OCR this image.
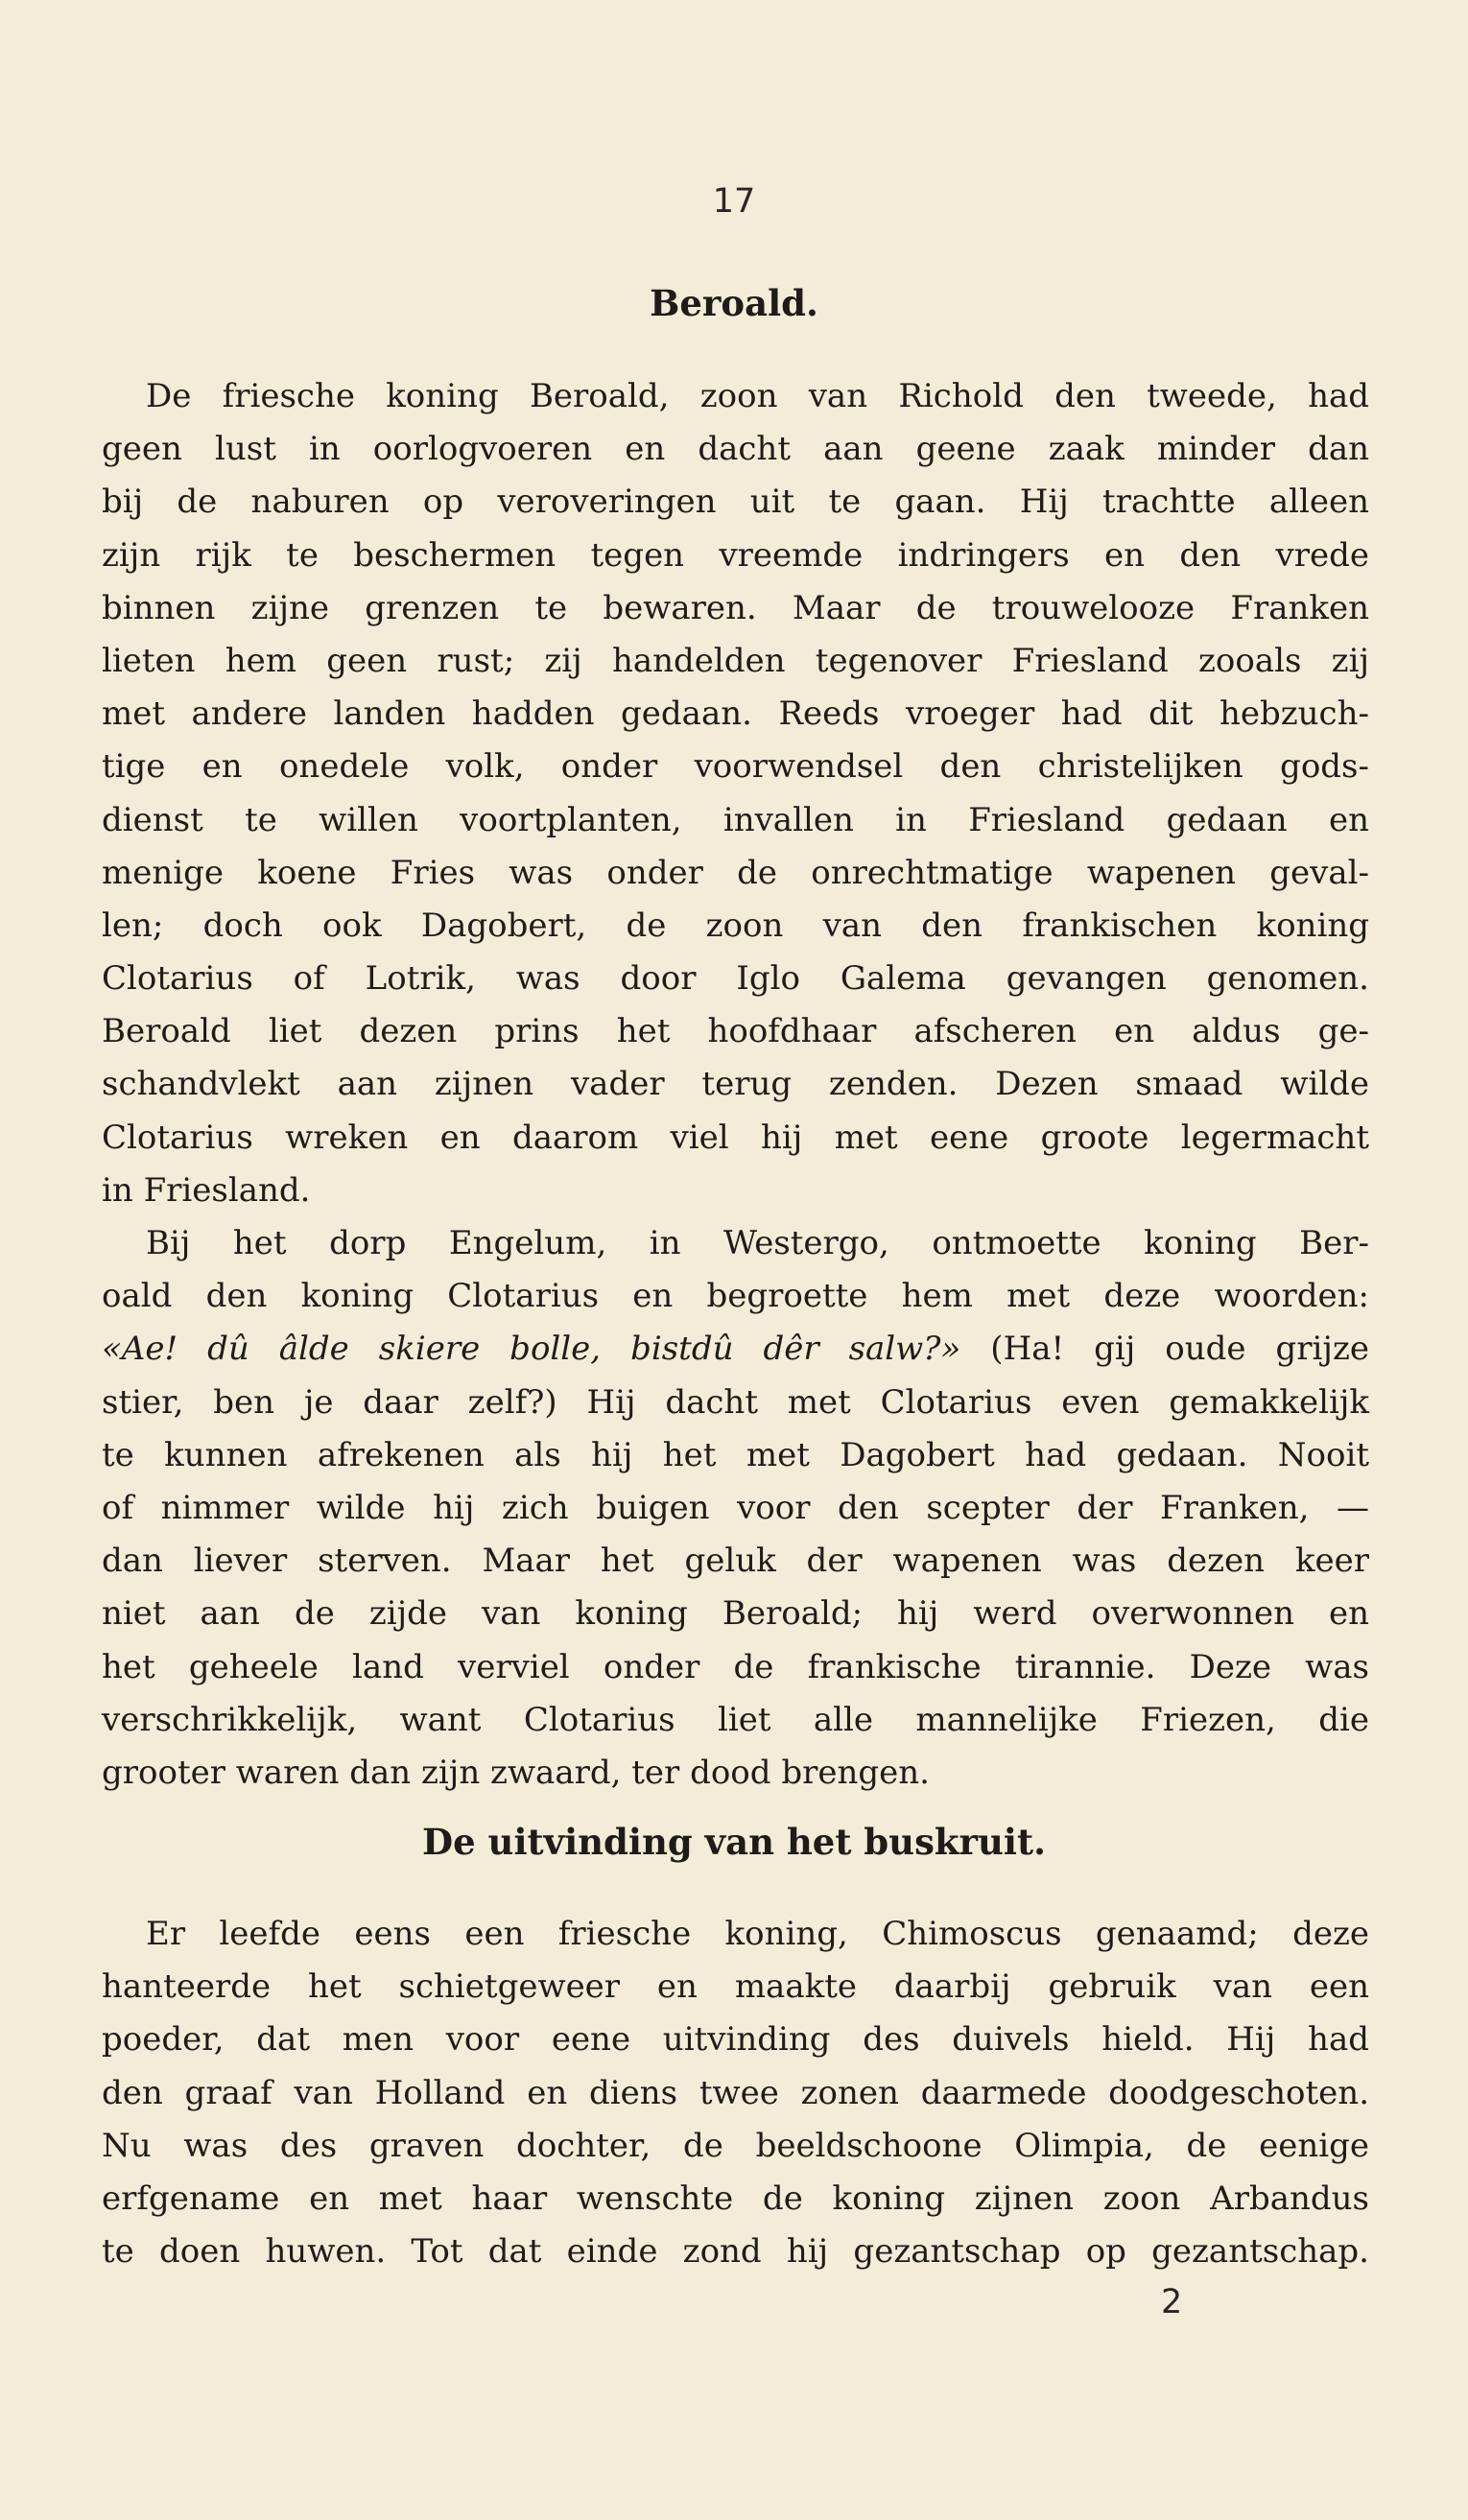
17
Beroald.
De friesche koning Beroald, zoon van Richold den tweede, had
geen lust in oorlogvoeren en dacht aan geene zaak minder dan
bij de naburen op veroveringen uit te gaan. Hij trachtte alleen
zijn rijk te beschermen tegen vreemde indringers en den vrede
binnen zijne grenzen te bewaren. Maar de trouwelooze Franken
lieten hem geen rust; zij handelden tegenover Friesland zooals zij
met andere landen hadden gedaan. Reeds vroeger had dit hebzuch-
tige en onedele volk, onder voorwendsel den christelijken gods-
dienst te willen voortplanten, invallen in Friesland gedaan en
menige koene Fries was onder de onrechtmatige wapenen geval-
len; doch ook Dagobert, de zoon van den frankischen koning
Clotarius of Lotrik, was door Iglo Galema gevangen genomen.
Beroald liet dezen prins het hoofdhaar afscheren en aldus ge-
schandvlekt aan zijnen vader terug zenden. Dezen smaad wilde
Clotarius wreken en daarom viel hij met eene groote legermacht
in Friesland.
Bij het dorp Engelum, in Westergo, ontmoette koning Ber-
oald den koning Clotarius en begroette hem met deze woorden:
«Ae! dû âlde skiere bolle, bistdû dêr salw?» (Ha! gij oude grijze
stier, ben je daar zelf?) Hij dacht met Clotarius even gemakkelijk
te kunnen afrekenen als hij het met Dagobert had gedaan. Nooit
of nimmer wilde hij zich buigen voor den scepter der Franken, —
dan liever sterven. Maar het geluk der wapenen was dezen keer
niet aan de zijde van koning Beroald; hij werd overwonnen en
het geheele land verviel onder de frankische tirannie. Deze was
verschrikkelijk, want Clotarius liet alle mannelijke Friezen, die
grooter waren dan zijn zwaard, ter dood brengen.
De uitvinding van het buskruit.
Er leefde eens een friesche koning, Chimoscus genaamd; deze
hanteerde het schietgeweer en maakte daarbij gebruik van een
poeder, dat men voor eene uitvinding des duivels hield. Hij had
den graaf van Holland en diens twee zonen daarmede doodgeschoten.
Nu was des graven dochter, de beeldschoone Olimpia, de eenige
erfgename en met haar wenschte de koning zijnen zoon Arbandus
te doen huwen. Tot dat einde zond hij gezantschap op gezantschap.
2
